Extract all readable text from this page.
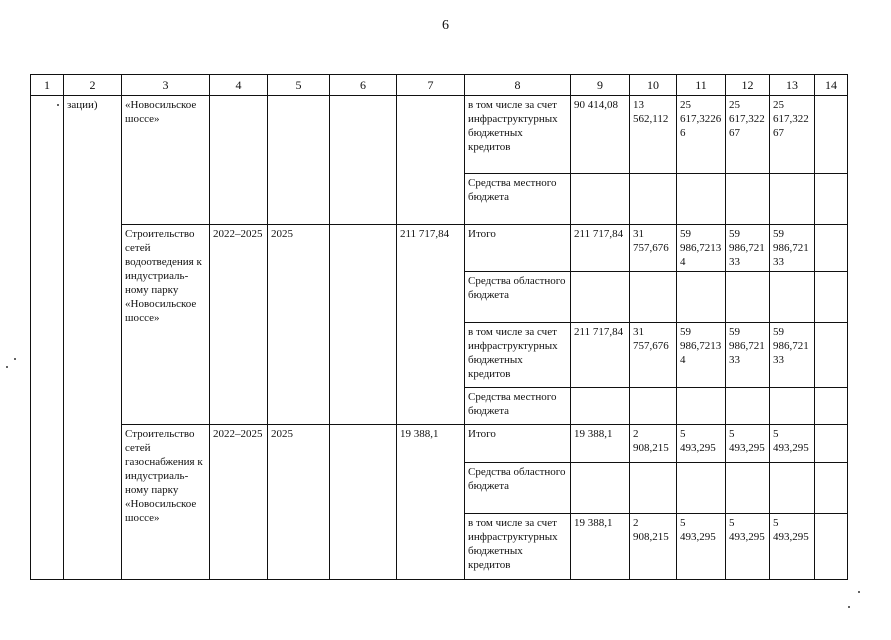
6
1	2	3	4	5	6	7	8	9	10	11	12	13	14
	зации)	«Новосильское шоссе»					в том числе за счет инфраструктурных бюджетных кредитов	90 414,08	13 562,112	25 617,32266	25 617,32267	25 617,32267	
							Средства местного бюджета						
		Строительство сетей водоотведения к индустриаль-ному парку «Новосильское шоссе»	2022–2025	2025		211 717,84	Итого	211 717,84	31 757,676	59 986,72134	59 986,72133	59 986,72133	
							Средства областного бюджета						
							в том числе за счет инфраструктурных бюджетных кредитов	211 717,84	31 757,676	59 986,72134	59 986,72133	59 986,72133	
							Средства местного бюджета						
		Строительство сетей газоснабжения к индустриаль-ному парку «Новосильское шоссе»	2022–2025	2025		19 388,1	Итого	19 388,1	2 908,215	5 493,295	5 493,295	5 493,295	
							Средства областного бюджета						
							в том числе за счет инфраструктурных бюджетных кредитов	19 388,1	2 908,215	5 493,295	5 493,295	5 493,295	
